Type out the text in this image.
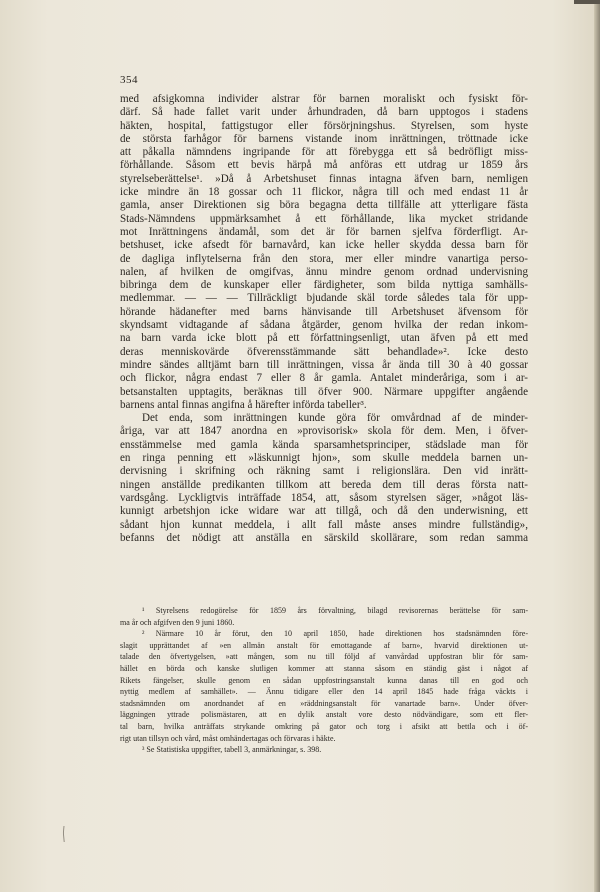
354
med afsigkomna individer alstrar för barnen moraliskt och fysiskt för-
därf. Så hade fallet varit under århundraden, då barn upptogos i stadens
häkten, hospital, fattigstugor eller försörjningshus. Styrelsen, som hyste
de största farhågor för barnens vistande inom inrättningen, tröttnade icke
att påkalla nämndens ingripande för att förebygga ett så bedröfligt miss-
förhållande. Såsom ett bevis härpå må anföras ett utdrag ur 1859 års
styrelseberättelse¹. »Då å Arbetshuset finnas intagna äfven barn, nemligen
icke mindre än 18 gossar och 11 flickor, några till och med endast 11 år
gamla, anser Direktionen sig böra begagna detta tillfälle att ytterligare fästa
Stads-Nämndens uppmärksamhet å ett förhållande, lika mycket stridande
mot Inrättningens ändamål, som det är för barnen sjelfva förderfligt. Ar-
betshuset, icke afsedt för barnavård, kan icke heller skydda dessa barn för
de dagliga inflytelserna från den stora, mer eller mindre vanartiga perso-
nalen, af hvilken de omgifvas, ännu mindre genom ordnad undervisning
bibringa dem de kunskaper eller färdigheter, som bilda nyttiga samhälls-
medlemmar. — — — Tillräckligt bjudande skäl torde således tala för upp-
hörande hädanefter med barns hänvisande till Arbetshuset äfvensom för
skyndsamt vidtagande af sådana åtgärder, genom hvilka der redan inkom-
na barn varda icke blott på ett författningsenligt, utan äfven på ett med
deras menniskovärde öfverensstämmande sätt behandlade»². Icke desto
mindre sändes alltjämt barn till inrättningen, vissa år ända till 30 à 40 gossar
och flickor, några endast 7 eller 8 år gamla. Antalet minderåriga, som i ar-
betsanstalten upptagits, beräknas till öfver 900. Närmare uppgifter angående
barnens antal finnas angifna å härefter införda tabeller³.
Det enda, som inrättningen kunde göra för omvårdnad af de minder-
åriga, var att 1847 anordna en »provisorisk» skola för dem. Men, i öfver-
ensstämmelse med gamla kända sparsamhetsprinciper, städslade man för
en ringa penning ett »läskunnigt hjon», som skulle meddela barnen un-
dervisning i skrifning och räkning samt i religionslära. Den vid inrätt-
ningen anställde predikanten tillkom att bereda dem till deras första natt-
vardsgång. Lyckligtvis inträffade 1854, att, såsom styrelsen säger, »något läs-
kunnigt arbetshjon icke widare war att tillgå, och då den underwisning, ett
sådant hjon kunnat meddela, i allt fall måste anses mindre fullständig»,
befanns det nödigt att anställa en särskild skollärare, som redan samma
¹ Styrelsens redogörelse för 1859 års förvaltning, bilagd revisorernas berättelse för sam-
ma år och afgifven den 9 juni 1860.
² Närmare 10 år förut, den 10 april 1850, hade direktionen hos stadsnämnden före-
slagit upprättandet af »en allmän anstalt för emottagande af barn», hvarvid direktionen ut-
talade den öfvertygelsen, »att mången, som nu till följd af vanvårdad uppfostran blir för sam-
hället en börda och kanske slutligen kommer att stanna såsom en ständig gäst i något af
Rikets fängelser, skulle genom en sådan uppfostringsanstalt kunna danas till en god och
nyttig medlem af samhället». — Ännu tidigare eller den 14 april 1845 hade fråga väckts i
stadsnämnden om anordnandet af en »räddningsanstalt för vanartade barn». Under öfver-
läggningen yttrade polismästaren, att en dylik anstalt vore desto nödvändigare, som ett fler-
tal barn, hvilka anträffats strykande omkring på gator och torg i afsikt att bettla och i öf-
rigt utan tillsyn och vård, måst omhändertagas och förvaras i häkte.
³ Se Statistiska uppgifter, tabell 3, anmärkningar, s. 398.
